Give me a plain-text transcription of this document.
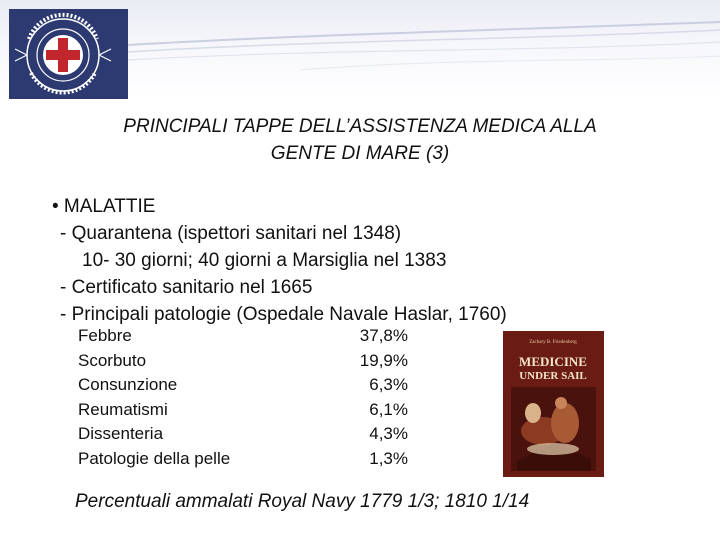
PRINCIPALI TAPPE DELL’ASSISTENZA MEDICA ALLA
GENTE DI MARE (3)
• MALATTIE
- Quarantena (ispettori sanitari nel 1348)
10- 30 giorni; 40 giorni a Marsiglia nel 1383
- Certificato sanitario nel 1665
- Principali patologie (Ospedale Navale Haslar, 1760)
Febbre	37,8%
Scorbuto	19,9%
Consunzione	6,3%
Reumatismi	6,1%
Dissenteria	4,3%
Patologie della pelle	1,3%
Zachary B. Friedenberg
MEDICINE
UNDER SAIL
Percentuali ammalati Royal Navy 1779 1/3; 1810 1/14
